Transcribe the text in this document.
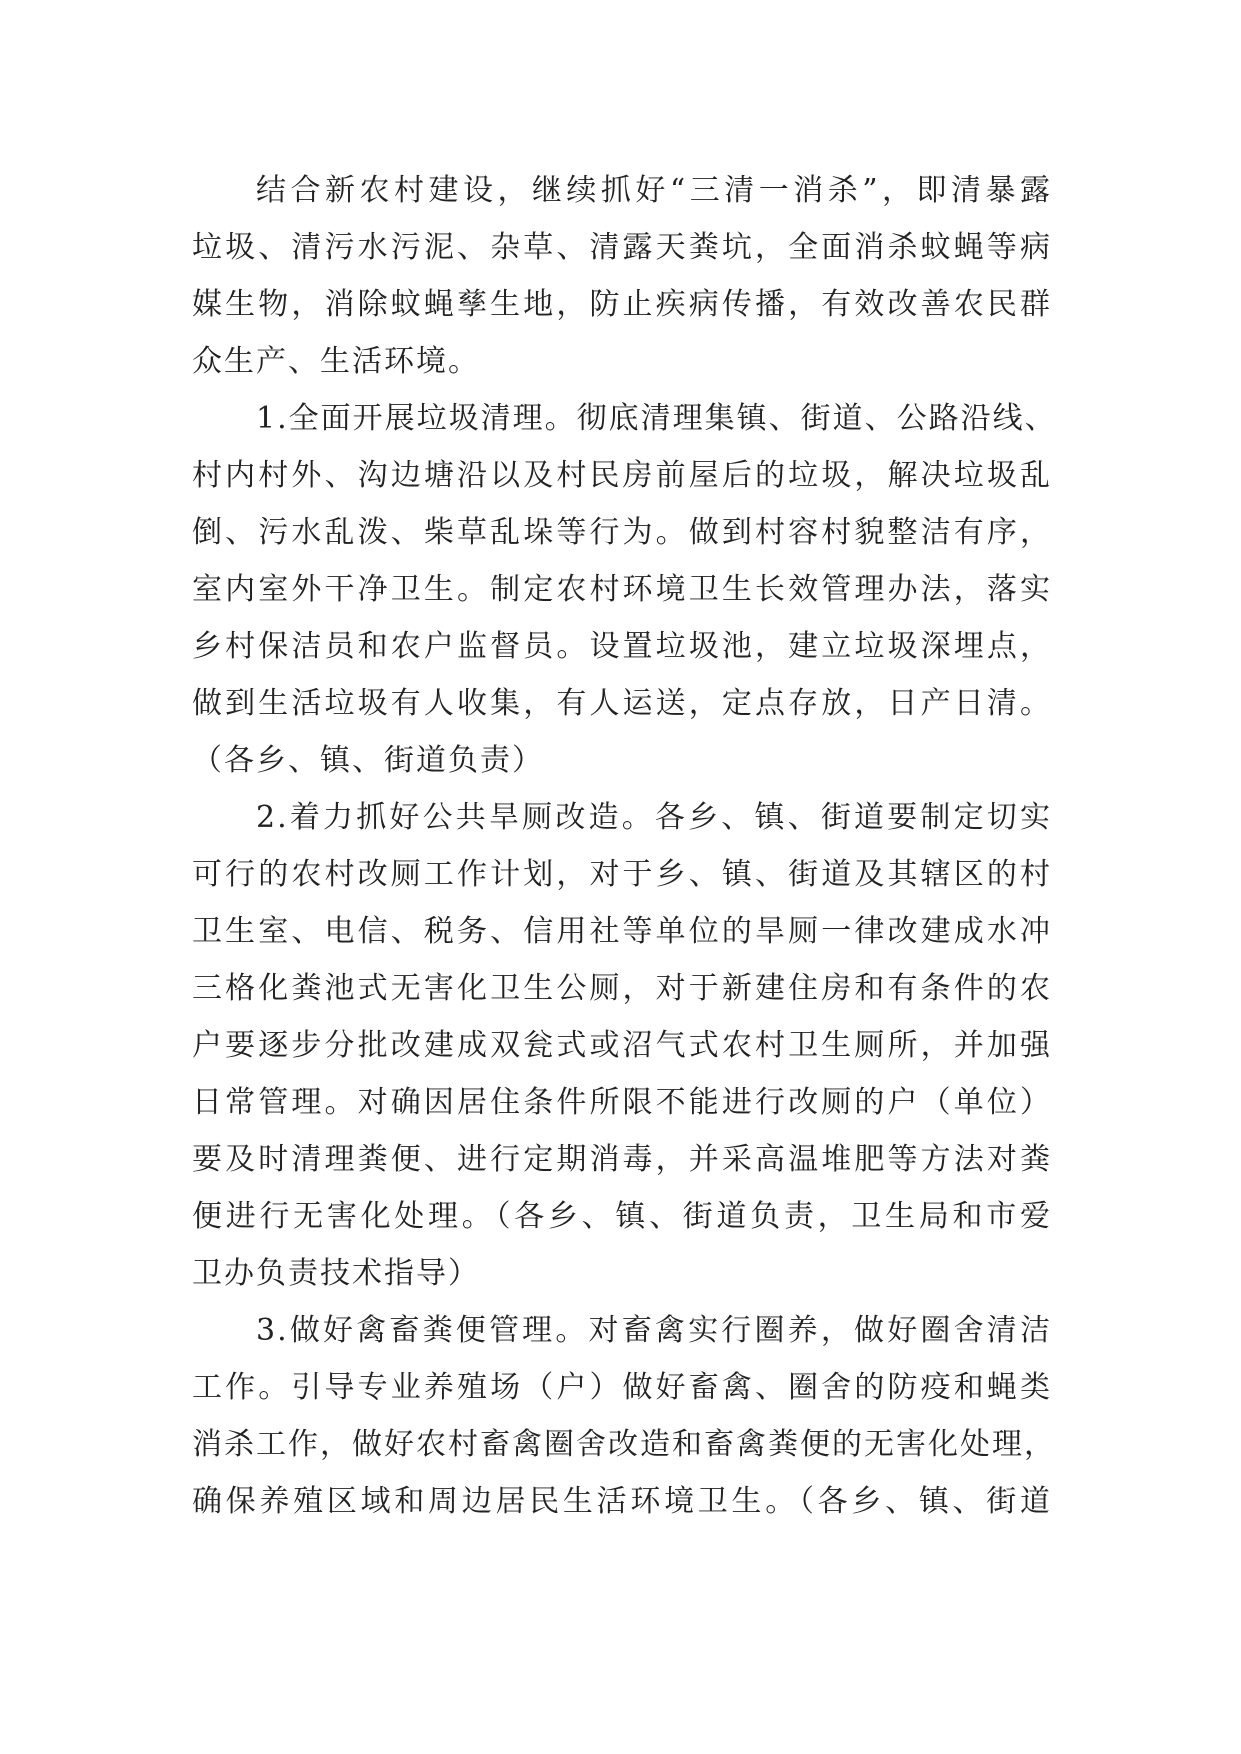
结合新农村建设，继续抓好“三清一消杀”，即清暴露
垃圾、清污水污泥、杂草、清露天粪坑，全面消杀蚊蝇等病
媒生物，消除蚊蝇孳生地，防止疾病传播，有效改善农民群
众生产、生活环境。
1.全面开展垃圾清理。彻底清理集镇、街道、公路沿线、
村内村外、沟边塘沿以及村民房前屋后的垃圾，解决垃圾乱
倒、污水乱泼、柴草乱垛等行为。做到村容村貌整洁有序，
室内室外干净卫生。制定农村环境卫生长效管理办法，落实
乡村保洁员和农户监督员。设置垃圾池，建立垃圾深埋点，
做到生活垃圾有人收集，有人运送，定点存放，日产日清。
（各乡、镇、街道负责）
2.着力抓好公共旱厕改造。各乡、镇、街道要制定切实
可行的农村改厕工作计划，对于乡、镇、街道及其辖区的村
卫生室、电信、税务、信用社等单位的旱厕一律改建成水冲
三格化粪池式无害化卫生公厕，对于新建住房和有条件的农
户要逐步分批改建成双瓮式或沼气式农村卫生厕所，并加强
日常管理。对确因居住条件所限不能进行改厕的户（单位）
要及时清理粪便、进行定期消毒，并采高温堆肥等方法对粪
便进行无害化处理。（各乡、镇、街道负责，卫生局和市爱
卫办负责技术指导）
3.做好禽畜粪便管理。对畜禽实行圈养，做好圈舍清洁
工作。引导专业养殖场（户）做好畜禽、圈舍的防疫和蝇类
消杀工作，做好农村畜禽圈舍改造和畜禽粪便的无害化处理，
确保养殖区域和周边居民生活环境卫生。（各乡、镇、街道
